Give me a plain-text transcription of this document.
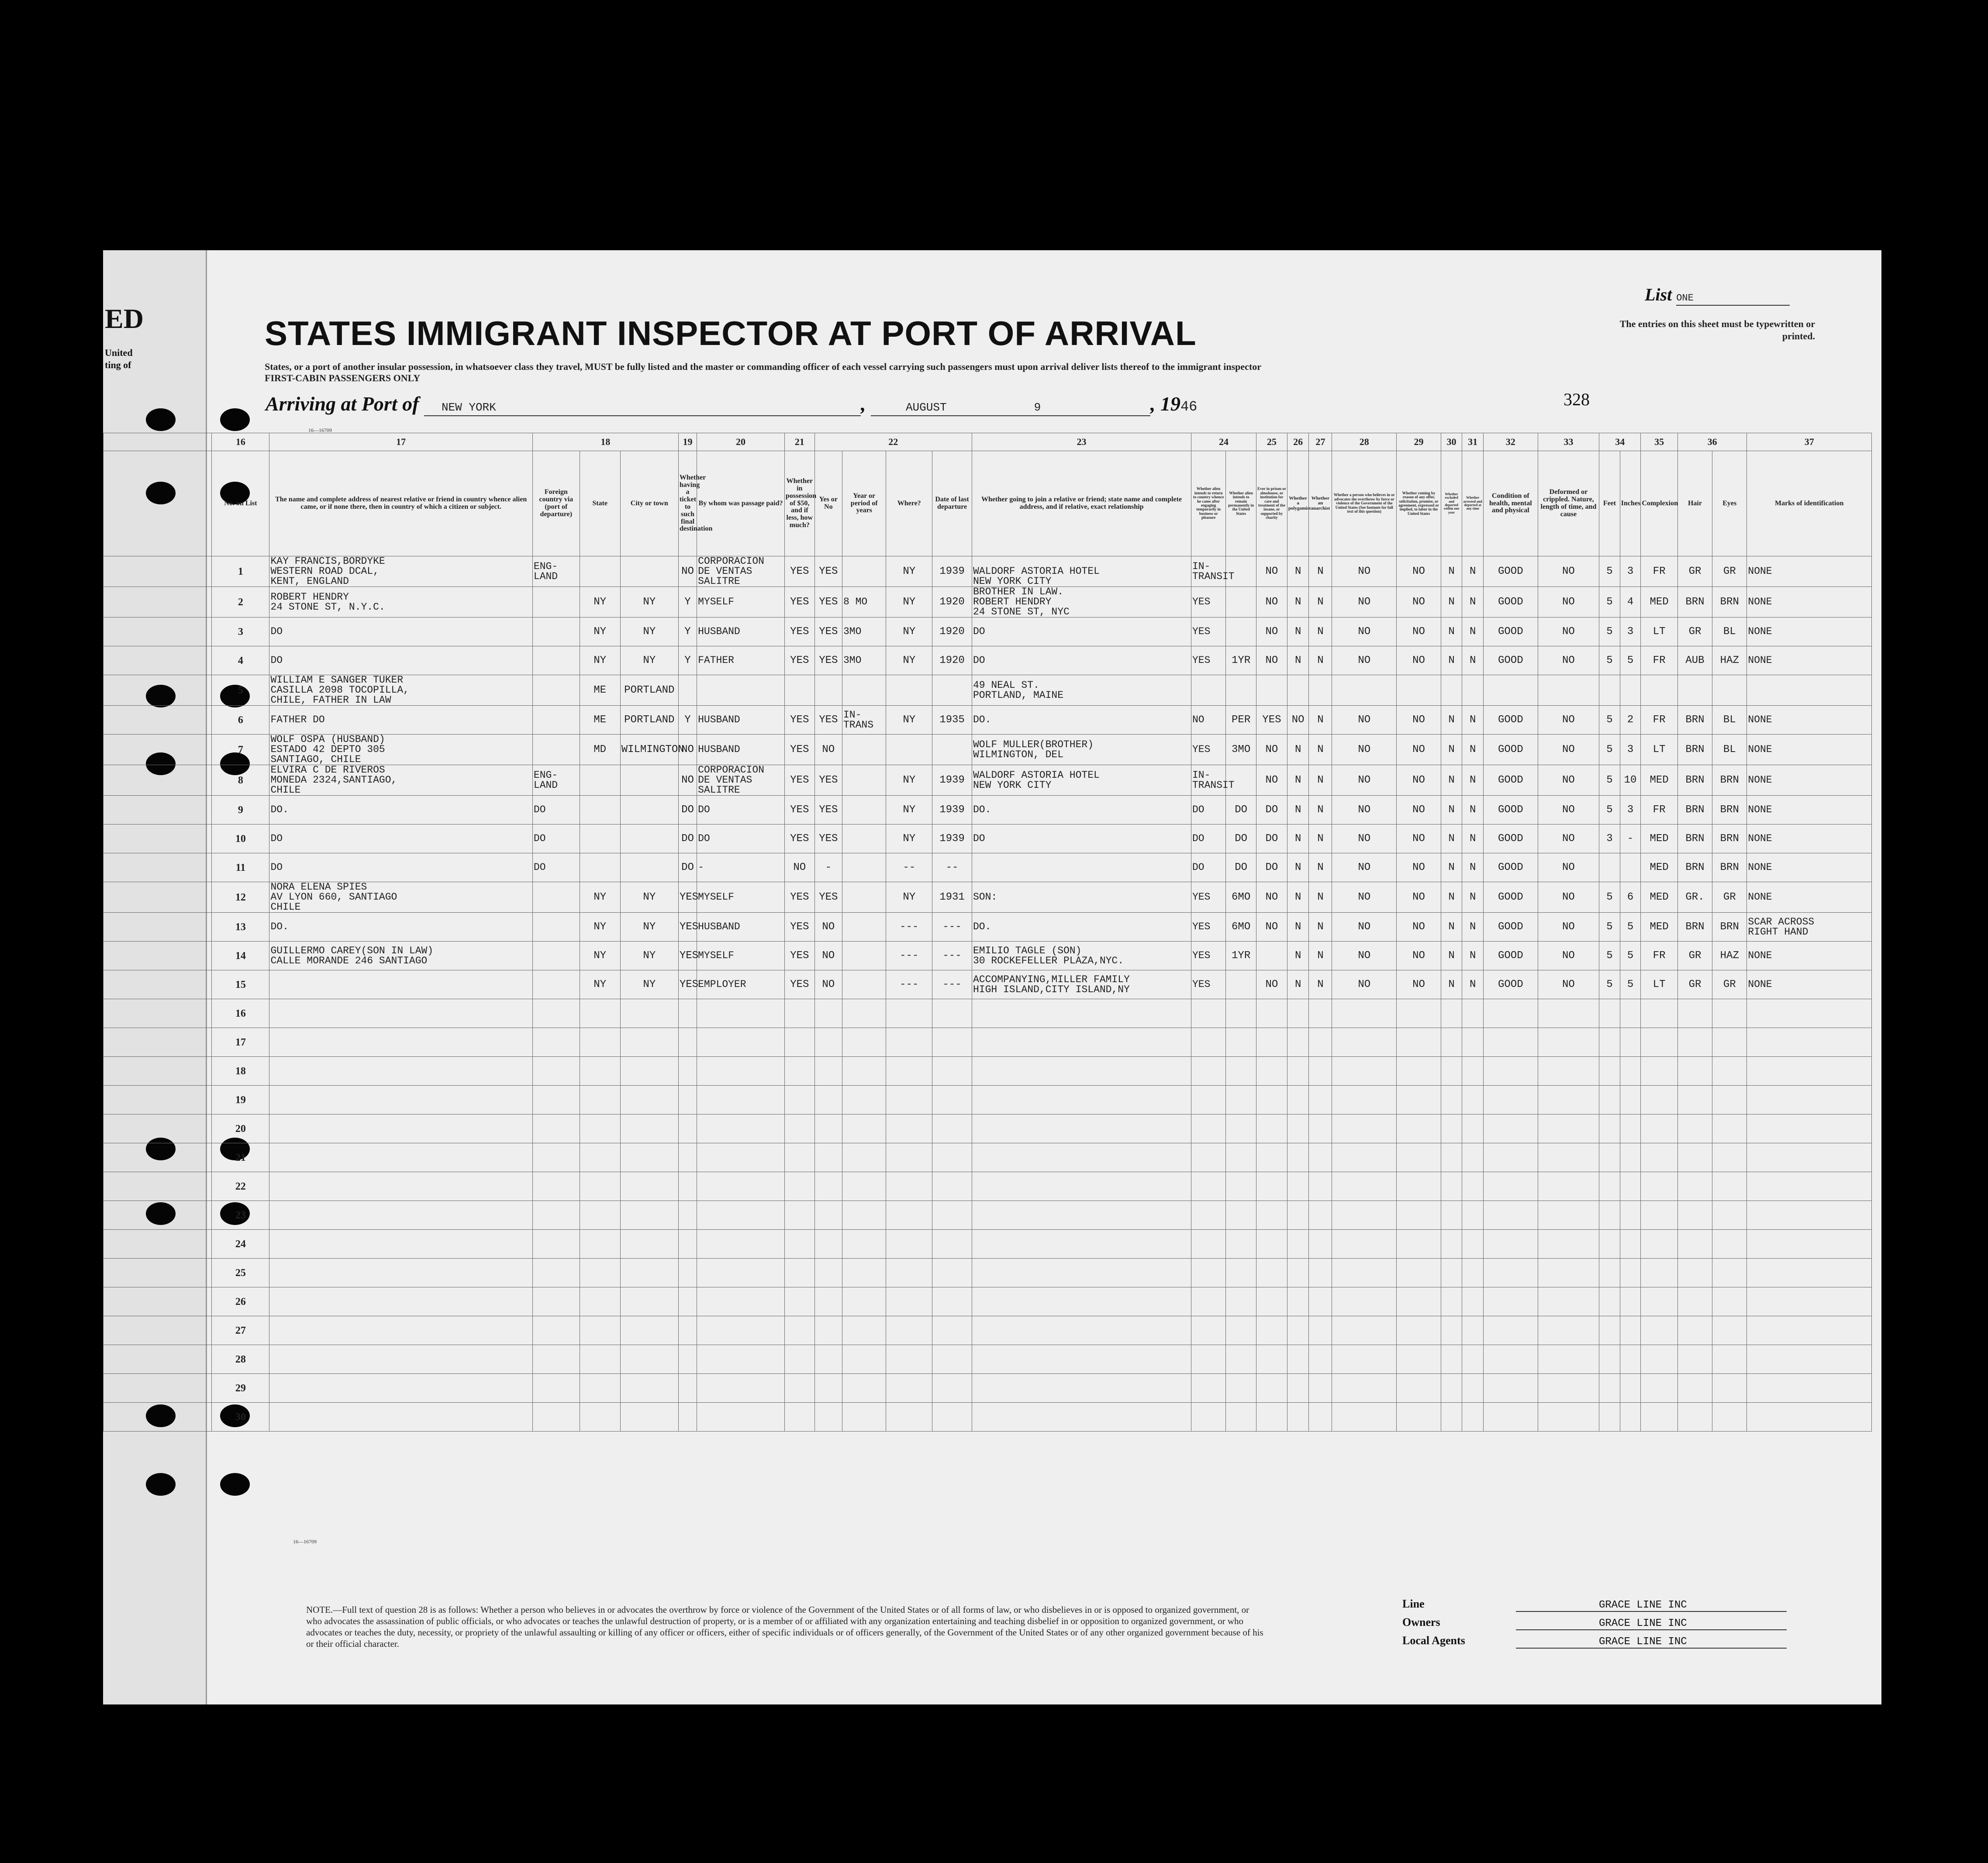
ED
United
ting of
STATES IMMIGRANT INSPECTOR AT PORT OF ARRIVAL
States, or a port of another insular possession, in whatsoever class they travel, MUST be fully listed and the master or commanding officer of each vessel carrying such passengers must upon arrival deliver lists thereof to the immigrant inspector
FIRST-CABIN PASSENGERS ONLY
Arriving at Port of NEW YORK	,	AUGUST	9	, 1946
List ONE
The entries on this sheet must be typewritten or printed.
328
16—16709
	16	17	18			19	20	21	22				23	24		25	26	27	28	29	30	31	32	33	34		35	36		37
	No. on List	The name and complete address of nearest relative or friend in country whence alien came, or if none there, then in country of which a citizen or subject.	Foreign country via (port of departure)	State	City or town	Whether having a ticket to such final destination	By whom was passage paid?	Whether in possession of $50, and if less, how much?	Yes or No	Year or period of years	Where?	Date of last departure	Whether going to join a relative or friend; state name and complete address, and if relative, exact relationship	Whether alien intends to return to country whence he came after engaging temporarily in business or pleasure	Whether alien intends to remain permanently in the United States	Ever in prison or almshouse, or institution for care and treatment of the insane, or supported by charity	Whether a polygamist	Whether an anarchist	Whether a person who believes in or advocates the overthrow by force or violence of the Government of the United States (See footnote for full text of this question)	Whether coming by reason of any offer, solicitation, promise, or agreement, expressed or implied, to labor in the United States	Whether excluded and deported within one year	Whether arrested and deported at any time	Condition of health, mental and physical	Deformed or crippled. Nature, length of time, and cause	Feet	Inches	Complexion	Hair	Eyes	Marks of identification
	1	KAY FRANCIS,BORDYKE
WESTERN ROAD DCAL,
KENT, ENGLAND	ENG-
LAND			NO	CORPORACION
DE VENTAS
SALITRE	YES	YES		NY	1939	
WALDORF ASTORIA HOTEL
NEW YORK CITY	IN-
TRANSIT		NO	N	N	NO	NO	N	N	GOOD	NO	5	3	FR	GR	GR	NONE
	2	ROBERT HENDRY
24 STONE ST, N.Y.C.		NY	NY	Y	MYSELF	YES	YES	8 MO	NY	1920	BROTHER IN LAW.
ROBERT HENDRY
24 STONE ST, NYC	YES		NO	N	N	NO	NO	N	N	GOOD	NO	5	4	MED	BRN	BRN	NONE
	3	DO		NY	NY	Y	HUSBAND	YES	YES	3MO	NY	1920	DO	YES		NO	N	N	NO	NO	N	N	GOOD	NO	5	3	LT	GR	BL	NONE
	4	DO		NY	NY	Y	FATHER	YES	YES	3MO	NY	1920	DO	YES	1YR	NO	N	N	NO	NO	N	N	GOOD	NO	5	5	FR	AUB	HAZ	NONE
	5	WILLIAM E SANGER TUKER
CASILLA 2098 TOCOPILLA,
CHILE, FATHER IN LAW		ME	PORTLAND								49 NEAL ST.
PORTLAND, MAINE																	
	6	FATHER DO		ME	PORTLAND	Y	HUSBAND	YES	YES	IN-
TRANS	NY	1935	DO.	NO	PER	YES	NO	N	NO	NO	N	N	GOOD	NO	5	2	FR	BRN	BL	NONE
	7	WOLF OSPA (HUSBAND)
ESTADO 42 DEPTO 305
SANTIAGO, CHILE		MD	WILMINGTON	NO	HUSBAND	YES	NO				WOLF MULLER(BROTHER)
WILMINGTON, DEL	YES	3MO	NO	N	N	NO	NO	N	N	GOOD	NO	5	3	LT	BRN	BL	NONE
	8	ELVIRA C DE RIVEROS
MONEDA 2324,SANTIAGO,
CHILE	ENG-
LAND			NO	CORPORACION
DE VENTAS
SALITRE	YES	YES		NY	1939	WALDORF ASTORIA HOTEL
NEW YORK CITY	IN-
TRANSIT		NO	N	N	NO	NO	N	N	GOOD	NO	5	10	MED	BRN	BRN	NONE
	9	DO.	DO			DO	DO	YES	YES		NY	1939	DO.	DO	DO	DO	N	N	NO	NO	N	N	GOOD	NO	5	3	FR	BRN	BRN	NONE
	10	DO	DO			DO	DO	YES	YES		NY	1939	DO	DO	DO	DO	N	N	NO	NO	N	N	GOOD	NO	3	-	MED	BRN	BRN	NONE
	11	DO	DO			DO	-	NO	-		--	--		DO	DO	DO	N	N	NO	NO	N	N	GOOD	NO			MED	BRN	BRN	NONE
	12	NORA ELENA SPIES
AV LYON 660, SANTIAGO
CHILE		NY	NY	YES	MYSELF	YES	YES		NY	1931	SON:	YES	6MO	NO	N	N	NO	NO	N	N	GOOD	NO	5	6	MED	GR.	GR	NONE
	13	DO.		NY	NY	YES	HUSBAND	YES	NO		---	---	DO.	YES	6MO	NO	N	N	NO	NO	N	N	GOOD	NO	5	5	MED	BRN	BRN	SCAR ACROSS
RIGHT HAND
	14	GUILLERMO CAREY(SON IN LAW)
CALLE MORANDE 246 SANTIAGO		NY	NY	YES	MYSELF	YES	NO		---	---	EMILIO TAGLE (SON)
30 ROCKEFELLER PLAZA,NYC.	YES	1YR		N	N	NO	NO	N	N	GOOD	NO	5	5	FR	GR	HAZ	NONE
	15			NY	NY	YES	EMPLOYER	YES	NO		---	---	ACCOMPANYING,MILLER FAMILY
HIGH ISLAND,CITY ISLAND,NY	YES		NO	N	N	NO	NO	N	N	GOOD	NO	5	5	LT	GR	GR	NONE
	16																													
	17																													
	18																													
	19																													
	20																													
	21																													
	22																													
	23																													
	24																													
	25																													
	26																													
	27																													
	28																													
	29																													
	30																													
16—16709
NOTE.—Full text of question 28 is as follows: Whether a person who believes in or advocates the overthrow by force or violence of the Government of the United States or of all forms of law, or who disbelieves in or is opposed to organized government, or who advocates the assassination of public officials, or who advocates or teaches the unlawful destruction of property, or is a member of or affiliated with any organization entertaining and teaching disbelief in or opposition to organized government, or who advocates or teaches the duty, necessity, or propriety of the unlawful assaulting or killing of any officer or officers, either of specific individuals or of officers generally, of the Government of the United States or of any other organized government because of his or their official character.
Line	GRACE LINE INC
Owners	GRACE LINE INC
Local Agents	GRACE LINE INC
